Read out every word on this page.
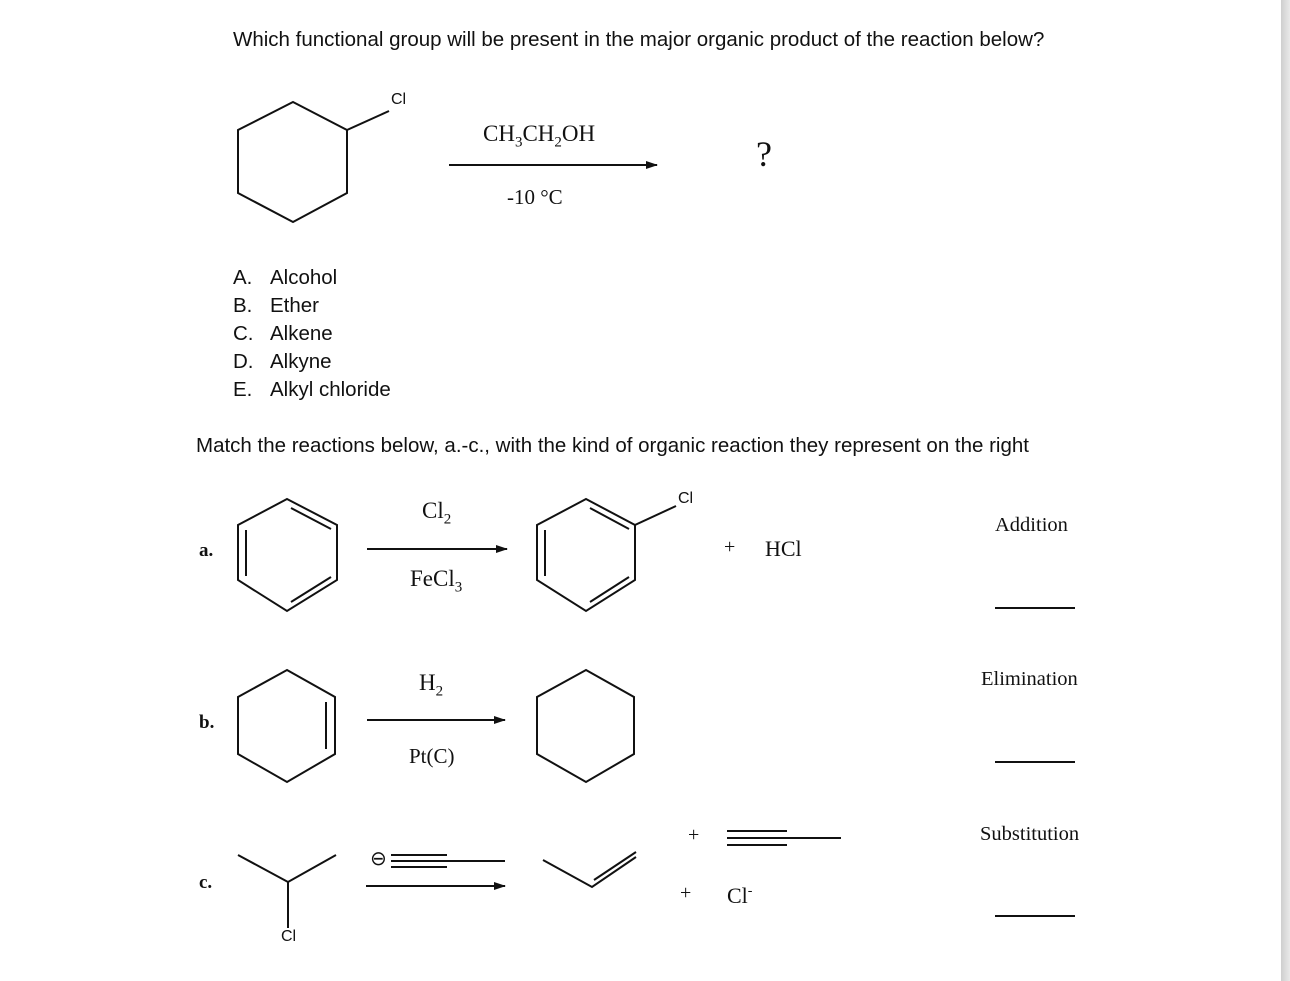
Which functional group will be present in the major organic product of the reaction below?
Cl
$CH_3CH_2OH$
-10 °C
?
A. Alcohol
B. Ether
C. Alkene
D. Alkyne
E. Alkyl chloride
Match the reactions below, a.-c., with the kind of organic reaction they represent on the right
a.
$Cl_2$
FeCl$_3$
Cl
+ HCl
b.
$H_2$
Pt(C)
c.
Cl
⊖
+
+ Cl-
Addition
Elimination
Substitution
